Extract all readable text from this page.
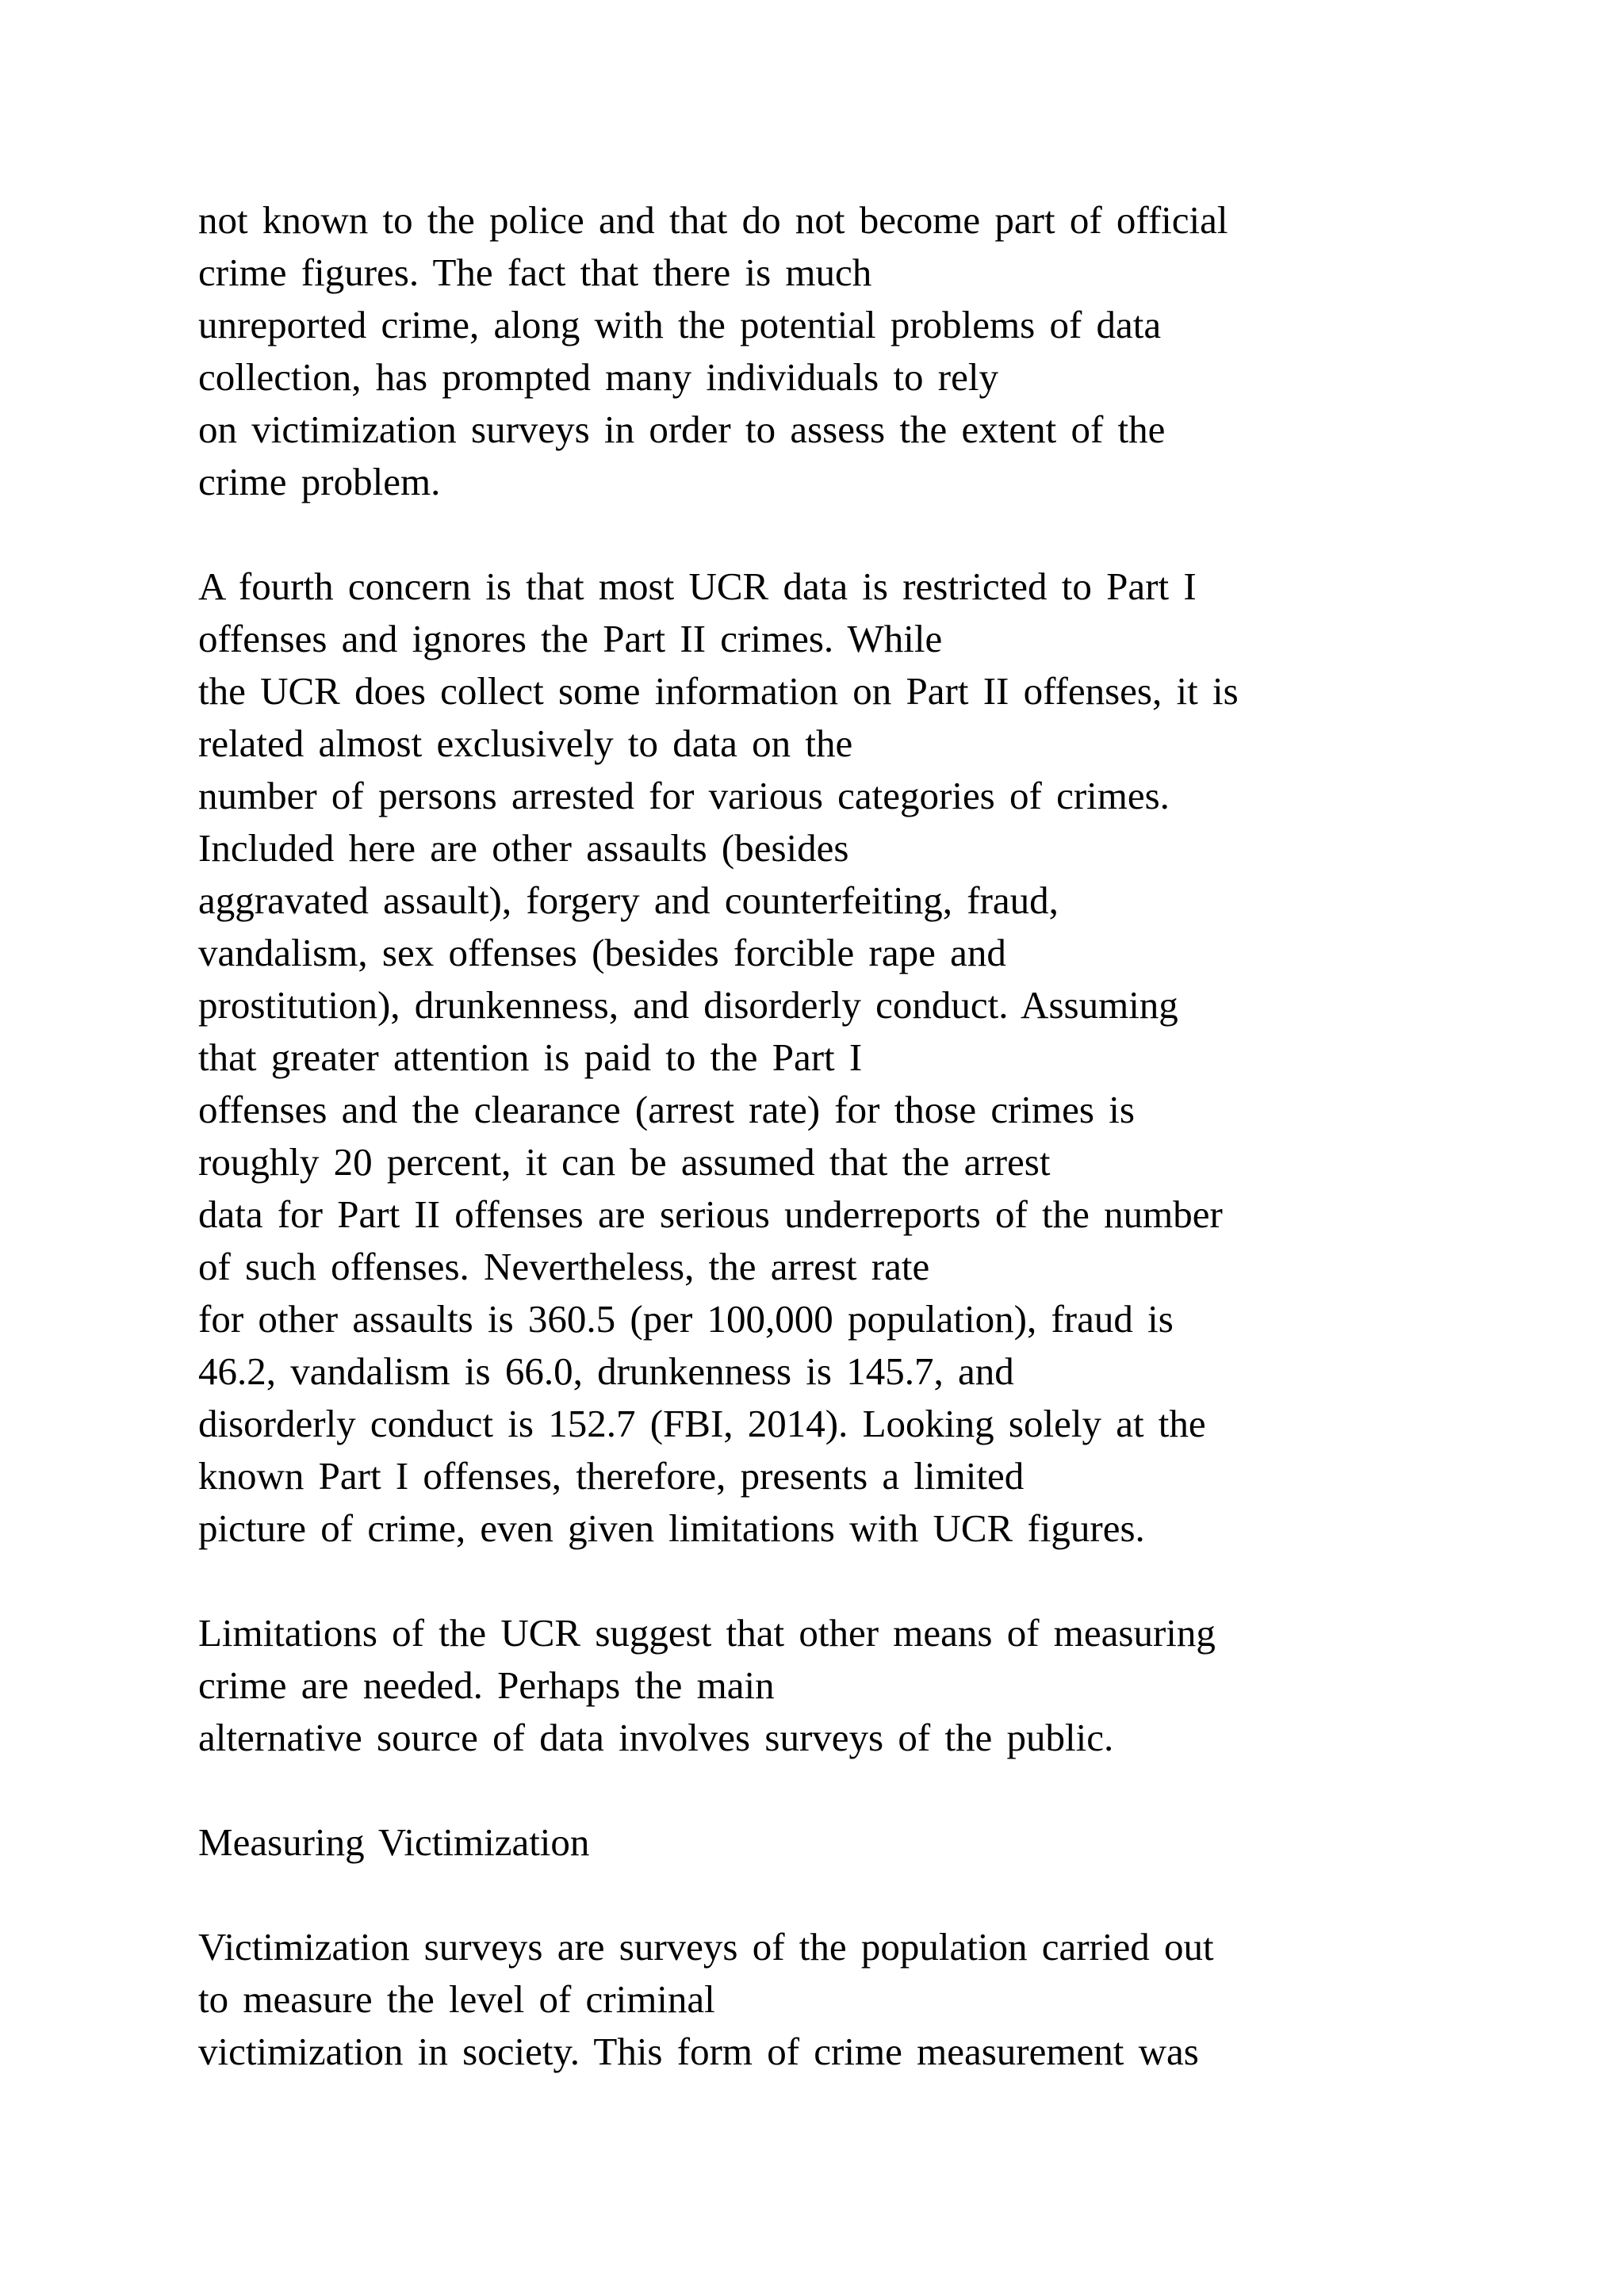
not known to the police and that do not become part of official
crime figures. The fact that there is much
unreported crime, along with the potential problems of data
collection, has prompted many individuals to rely
on victimization surveys in order to assess the extent of the
crime problem.
A fourth concern is that most UCR data is restricted to Part I
offenses and ignores the Part II crimes. While
the UCR does collect some information on Part II offenses, it is
related almost exclusively to data on the
number of persons arrested for various categories of crimes.
Included here are other assaults (besides
aggravated assault), forgery and counterfeiting, fraud,
vandalism, sex offenses (besides forcible rape and
prostitution), drunkenness, and disorderly conduct. Assuming
that greater attention is paid to the Part I
offenses and the clearance (arrest rate) for those crimes is
roughly 20 percent, it can be assumed that the arrest
data for Part II offenses are serious underreports of the number
of such offenses. Nevertheless, the arrest rate
for other assaults is 360.5 (per 100,000 population), fraud is
46.2, vandalism is 66.0, drunkenness is 145.7, and
disorderly conduct is 152.7 (FBI, 2014). Looking solely at the
known Part I offenses, therefore, presents a limited
picture of crime, even given limitations with UCR figures.
Limitations of the UCR suggest that other means of measuring
crime are needed. Perhaps the main
alternative source of data involves surveys of the public.
Measuring Victimization
Victimization surveys are surveys of the population carried out
to measure the level of criminal
victimization in society. This form of crime measurement was
